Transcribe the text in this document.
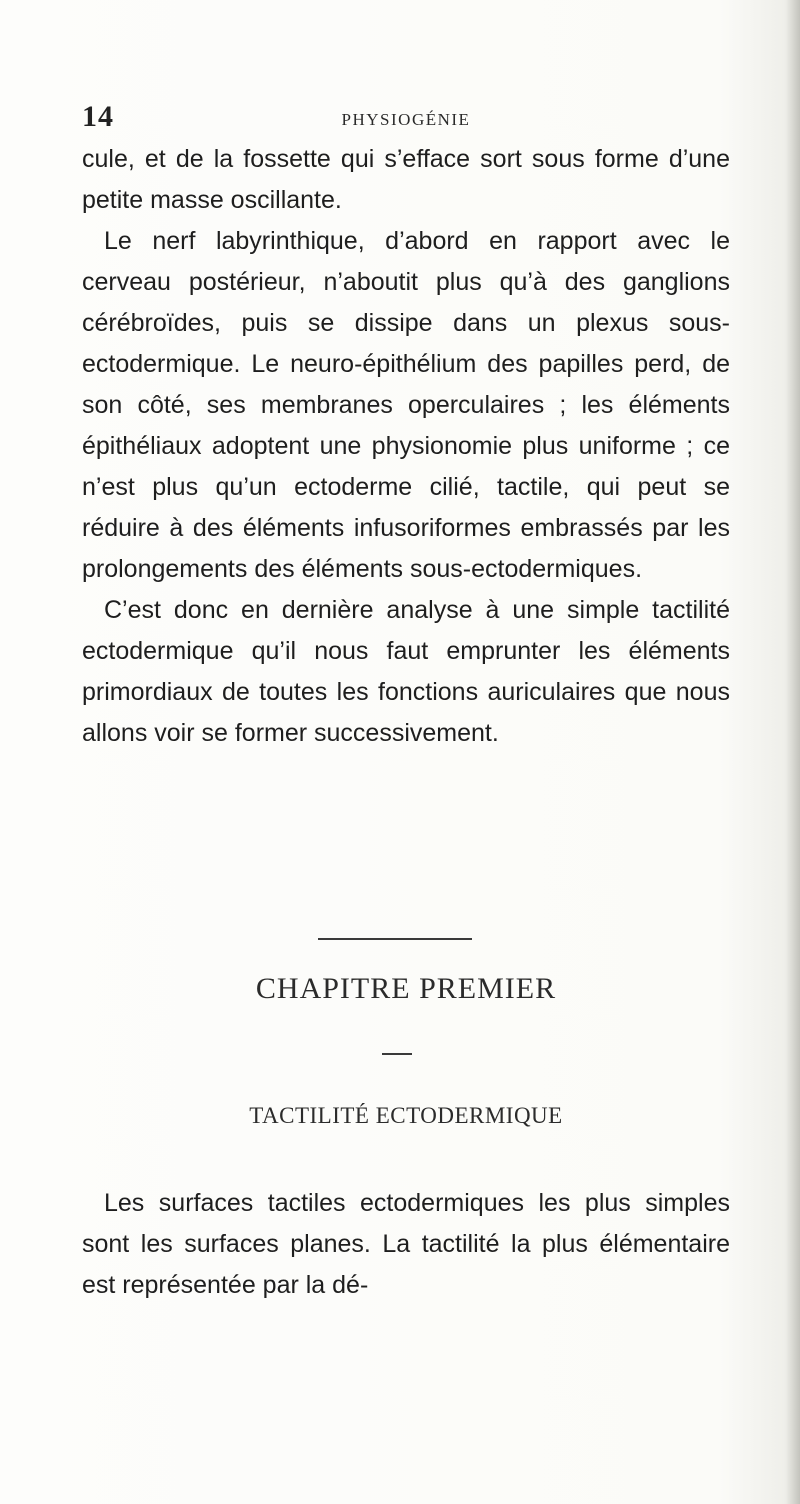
14	PHYSIOGÉNIE

cule, et de la fossette qui s’efface sort sous forme d’une petite masse oscillante.

Le nerf labyrinthique, d’abord en rapport avec le cerveau postérieur, n’aboutit plus qu’à des ganglions cérébroïdes, puis se dissipe dans un plexus sous-ectodermique. Le neuro-épithélium des papilles perd, de son côté, ses membranes operculaires ; les éléments épithéliaux adoptent une physionomie plus uniforme ; ce n’est plus qu’un ectoderme cilié, tactile, qui peut se réduire à des éléments infusoriformes embrassés par les prolongements des éléments sous-ectodermiques.

C’est donc en dernière analyse à une simple tactilité ectodermique qu’il nous faut emprunter les éléments primordiaux de toutes les fonctions auriculaires que nous allons voir se former successivement.

CHAPITRE PREMIER
TACTILITÉ ECTODERMIQUE

Les surfaces tactiles ectodermiques les plus simples sont les surfaces planes. La tactilité la plus élémentaire est représentée par la dé-
